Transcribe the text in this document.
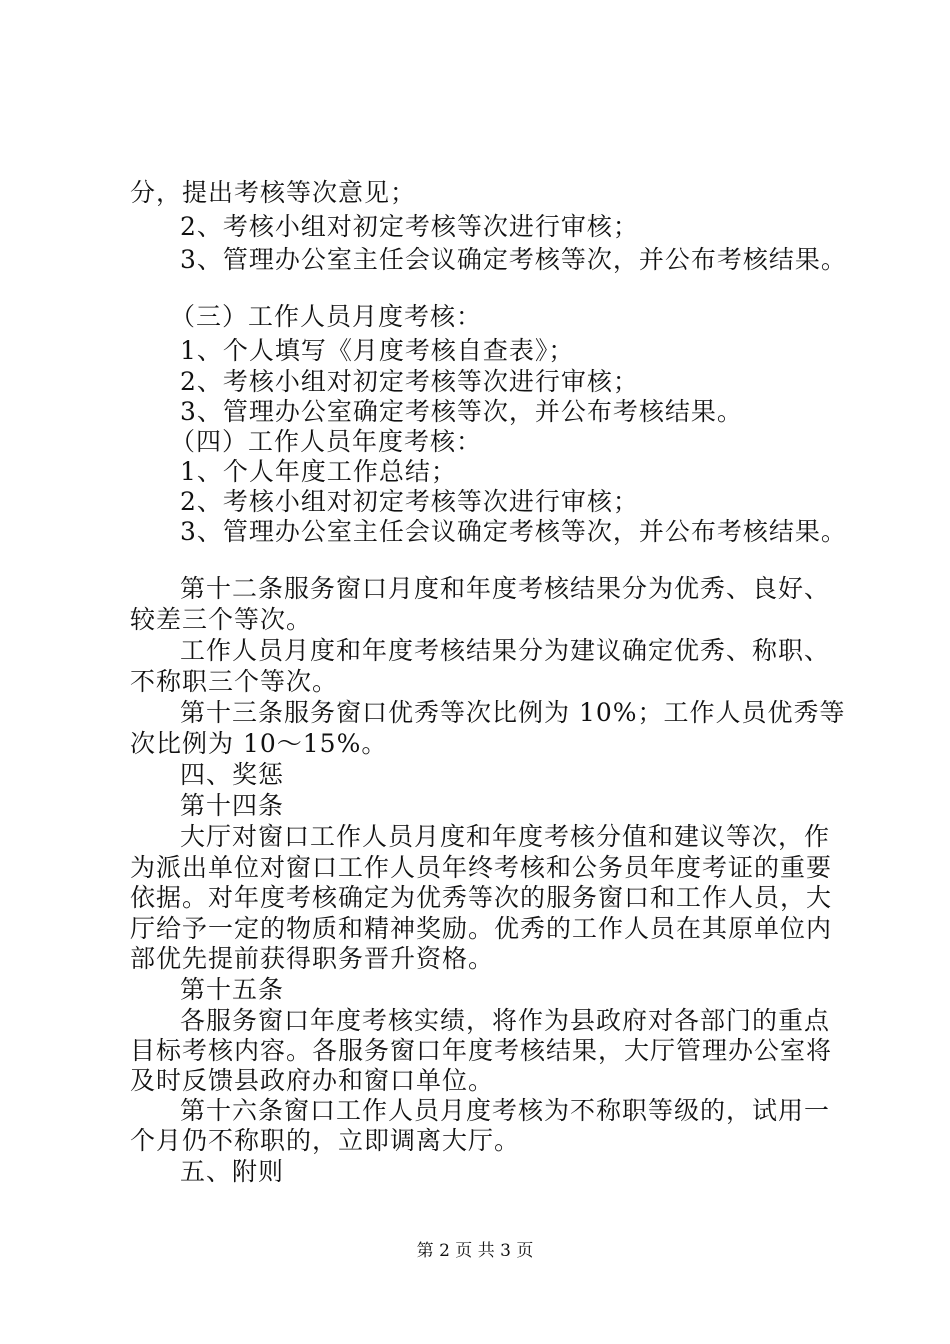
分，提出考核等次意见；
2、考核小组对初定考核等次进行审核；
3、管理办公室主任会议确定考核等次，并公布考核结果。
（三）工作人员月度考核：
1、个人填写《月度考核自查表》；
2、考核小组对初定考核等次进行审核；
3、管理办公室确定考核等次，并公布考核结果。
（四）工作人员年度考核：
1、个人年度工作总结；
2、考核小组对初定考核等次进行审核；
3、管理办公室主任会议确定考核等次，并公布考核结果。
第十二条服务窗口月度和年度考核结果分为优秀、良好、
较差三个等次。
工作人员月度和年度考核结果分为建议确定优秀、称职、
不称职三个等次。
第十三条服务窗口优秀等次比例为 10%；工作人员优秀等
次比例为 10～15%。
四、奖惩
第十四条
大厅对窗口工作人员月度和年度考核分值和建议等次，作
为派出单位对窗口工作人员年终考核和公务员年度考证的重要
依据。对年度考核确定为优秀等次的服务窗口和工作人员，大
厅给予一定的物质和精神奖励。优秀的工作人员在其原单位内
部优先提前获得职务晋升资格。
第十五条
各服务窗口年度考核实绩，将作为县政府对各部门的重点
目标考核内容。各服务窗口年度考核结果，大厅管理办公室将
及时反馈县政府办和窗口单位。
第十六条窗口工作人员月度考核为不称职等级的，试用一
个月仍不称职的，立即调离大厅。
五、附则
第 2 页 共 3 页
